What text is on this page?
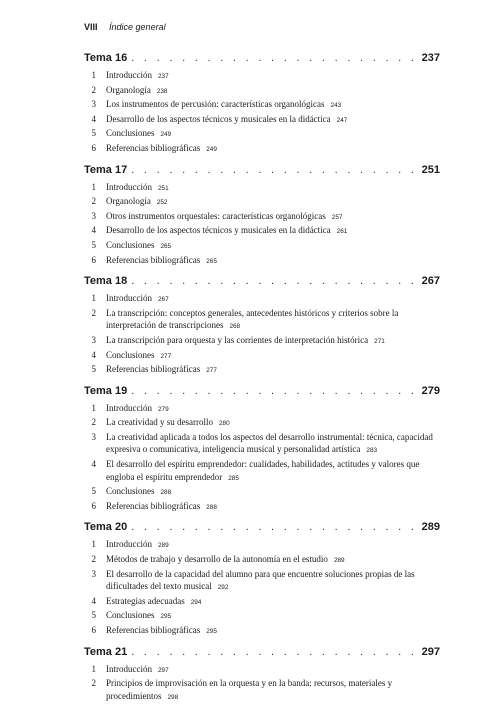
VIII Índice general
Tema 16 . . .	237
1 Introducción 237
2 Organología 238
3 Los instrumentos de percusión: características organológicas 243
4 Desarrollo de los aspectos técnicos y musicales en la didáctica 247
5 Conclusiones 249
6 Referencias bibliográficas 249
Tema 17 . . .	251
1 Introducción 251
2 Organología 252
3 Otros instrumentos orquestales: características organológicas 257
4 Desarrollo de los aspectos técnicos y musicales en la didáctica 261
5 Conclusiones 265
6 Referencias bibliográficas 265
Tema 18 . . .	267
1 Introducción 267
2 La transcripción: conceptos generales, antecedentes históricos y criterios sobre la interpretación de transcripciones 268
3 La transcripción para orquesta y las corrientes de interpretación histórica 271
4 Conclusiones 277
5 Referencias bibliográficas 277
Tema 19 . . .	279
1 Introducción 279
2 La creatividad y su desarrollo 280
3 La creatividad aplicada a todos los aspectos del desarrollo instrumental: técnica, capacidad expresiva o comunicativa, inteligencia musical y personalidad artística 283
4 El desarrollo del espíritu emprendedor: cualidades, habilidades, actitudes y valores que engloba el espíritu emprendedor 285
5 Conclusiones 288
6 Referencias bibliográficas 288
Tema 20 . . .	289
1 Introducción 289
2 Métodos de trabajo y desarrollo de la autonomía en el estudio 289
3 El desarrollo de la capacidad del alumno para que encuentre soluciones propias de las dificultades del texto musical 292
4 Estrategias adecuadas 294
5 Conclusiones 295
6 Referencias bibliográficas 295
Tema 21 . . .	297
1 Introducción 297
2 Principios de improvisación en la orquesta y en la banda: recursos, materiales y procedimientos 298
